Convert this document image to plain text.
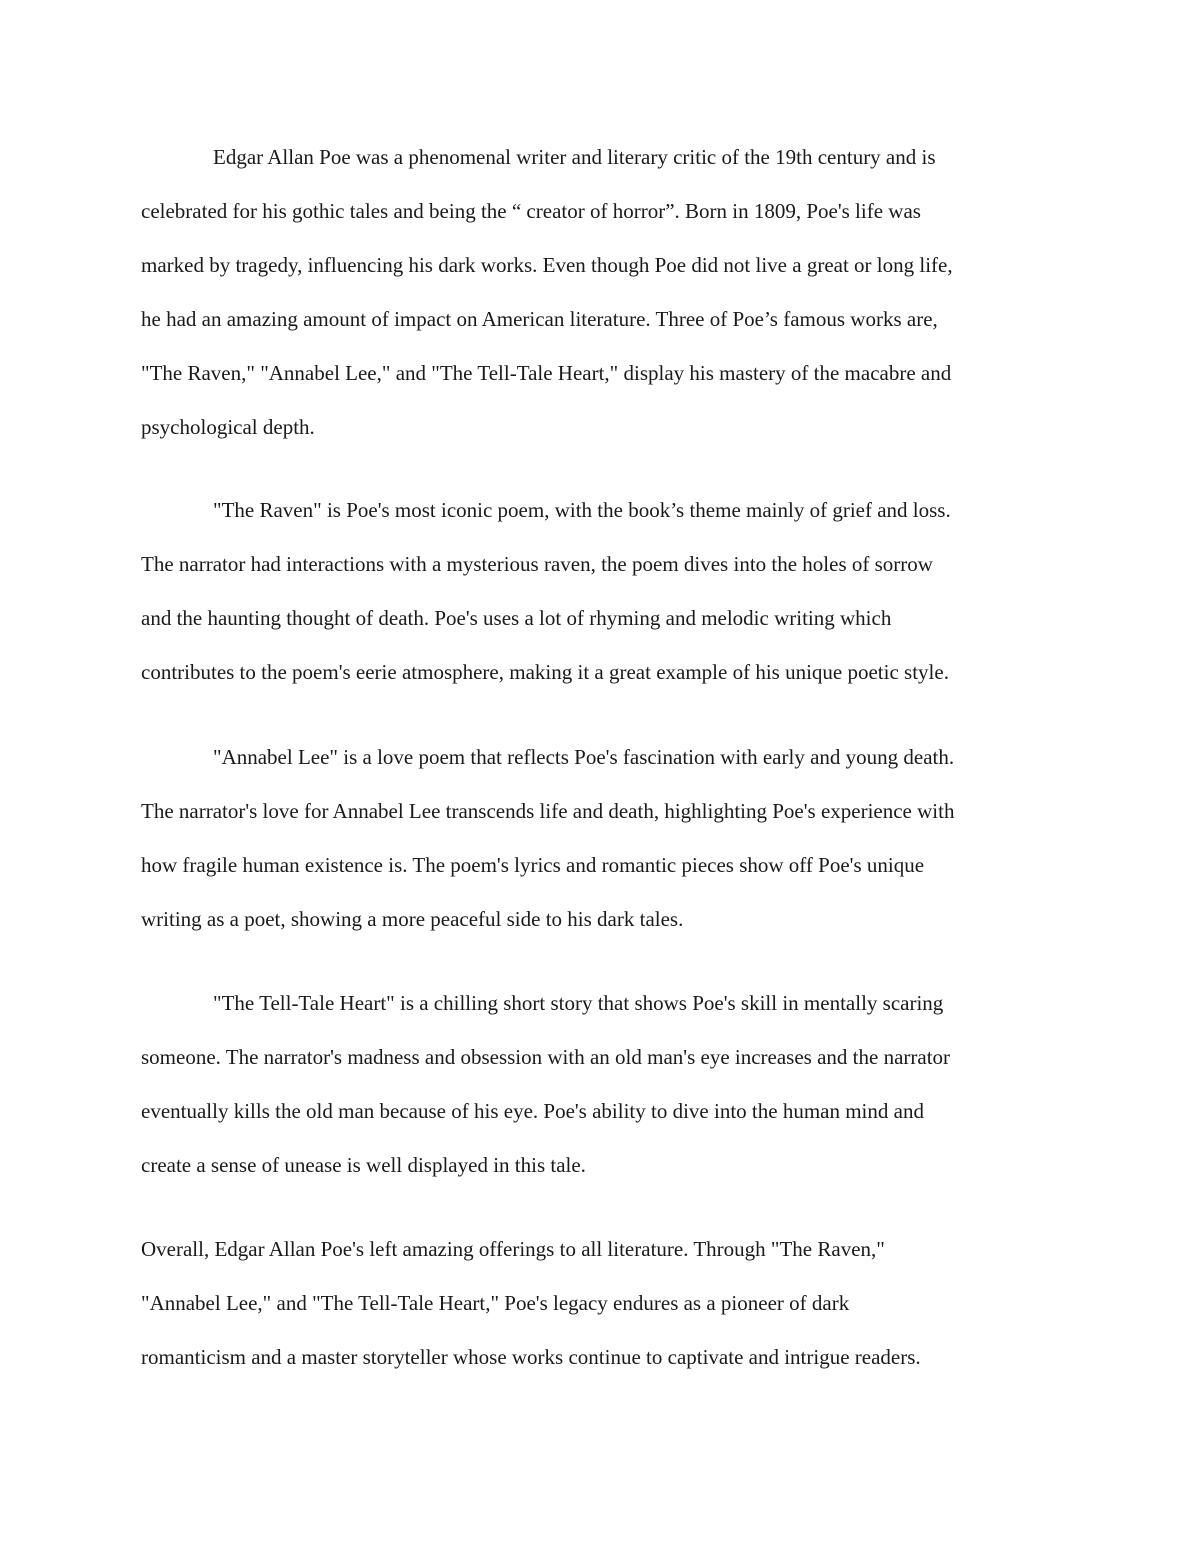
Edgar Allan Poe was a phenomenal writer and literary critic of the 19th century and is
celebrated for his gothic tales and being the “ creator of horror”. Born in 1809, Poe's life was
marked by tragedy, influencing his dark works. Even though Poe did not live a great or long life,
he had an amazing amount of impact on American literature. Three of Poe’s famous works are,
"The Raven," "Annabel Lee," and "The Tell-Tale Heart," display his mastery of the macabre and
psychological depth.
"The Raven" is Poe's most iconic poem, with the book’s theme mainly of grief and loss.
The narrator had interactions with a mysterious raven, the poem dives into the holes of sorrow
and the haunting thought of death. Poe's uses a lot of rhyming and melodic writing which
contributes to the poem's eerie atmosphere, making it a great example of his unique poetic style.
"Annabel Lee" is a love poem that reflects Poe's fascination with early and young death.
The narrator's love for Annabel Lee transcends life and death, highlighting Poe's experience with
how fragile human existence is. The poem's lyrics and romantic pieces show off Poe's unique
writing as a poet, showing a more peaceful side to his dark tales.
"The Tell-Tale Heart" is a chilling short story that shows Poe's skill in mentally scaring
someone. The narrator's madness and obsession with an old man's eye increases and the narrator
eventually kills the old man because of his eye. Poe's ability to dive into the human mind and
create a sense of unease is well displayed in this tale.
Overall, Edgar Allan Poe's left amazing offerings to all literature. Through "The Raven,"
"Annabel Lee," and "The Tell-Tale Heart," Poe's legacy endures as a pioneer of dark
romanticism and a master storyteller whose works continue to captivate and intrigue readers.
